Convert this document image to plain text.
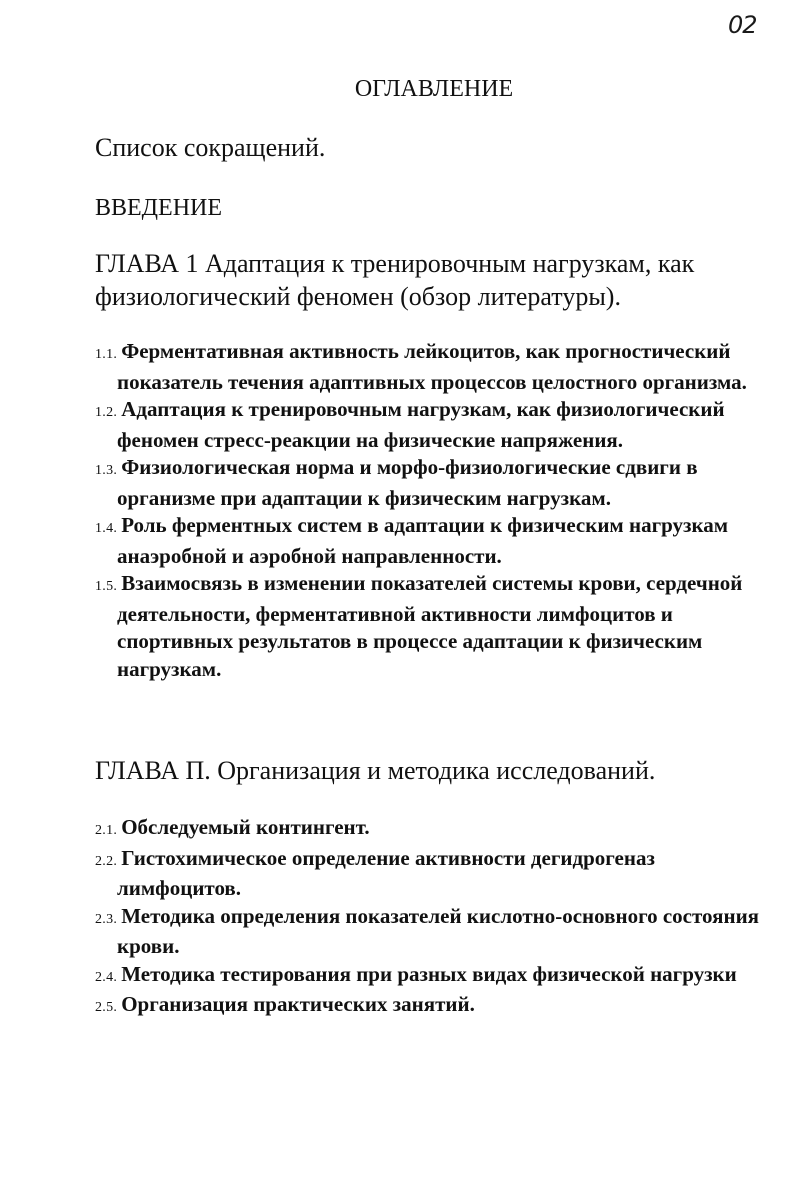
02
ОГЛАВЛЕНИЕ

Список сокращений.

ВВЕДЕНИЕ

ГЛАВА 1 Адаптация к тренировочным нагрузкам, как физиологический феномен (обзор литературы).
1.1. Ферментативная активность лейкоцитов, как прогностический показатель течения адаптивных процессов целостного организма.
1.2. Адаптация к тренировочным нагрузкам, как физиологический феномен стресс-реакции на физические напряжения.
1.3. Физиологическая норма и морфо-физиологические сдвиги в организме при адаптации к физическим нагрузкам.
1.4. Роль ферментных систем в адаптации к физическим нагрузкам анаэробной и аэробной направленности.
1.5. Взаимосвязь в изменении показателей системы крови, сердечной деятельности, ферментативной активности лимфоцитов и спортивных результатов в процессе адаптации к физическим нагрузкам.
ГЛАВА П. Организация и методика исследований.
2.1. Обследуемый контингент.
2.2. Гистохимическое определение активности дегидрогеназ лимфоцитов.
2.3. Методика определения показателей кислотно-основного состояния крови.
2.4. Методика тестирования при разных видах физической нагрузки
2.5. Организация практических занятий.
